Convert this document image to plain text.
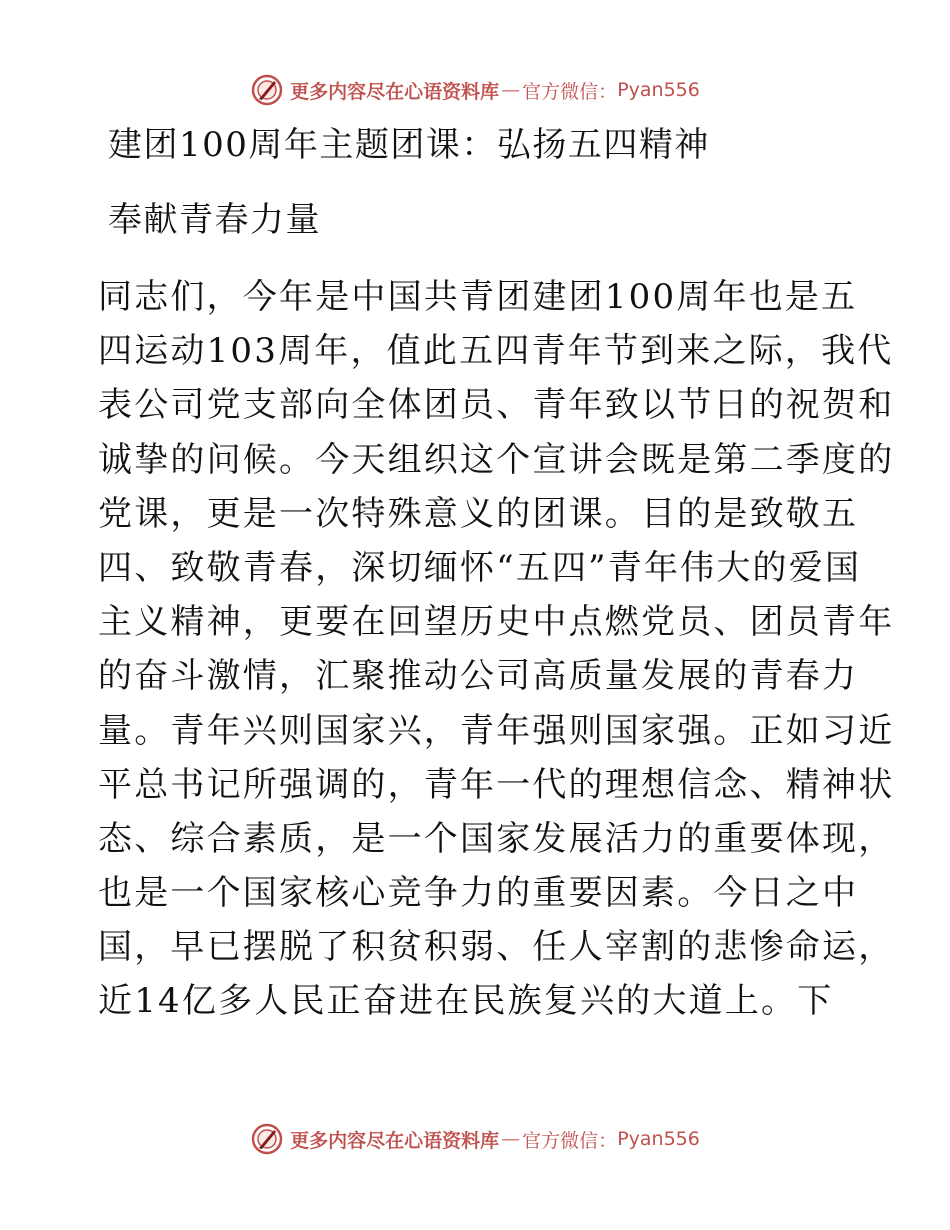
更多内容尽在心语资料库 — 官方微信： Pyan556
建团100周年主题团课：弘扬五四精神
奉献青春力量
同志们，今年是中国共青团建团100周年也是五
四运动103周年，值此五四青年节到来之际，我代
表公司党支部向全体团员、青年致以节日的祝贺和
诚挚的问候。今天组织这个宣讲会既是第二季度的
党课，更是一次特殊意义的团课。目的是致敬五
四、致敬青春，深切缅怀“五四”青年伟大的爱国
主义精神，更要在回望历史中点燃党员、团员青年
的奋斗激情，汇聚推动公司高质量发展的青春力
量。青年兴则国家兴，青年强则国家强。正如习近
平总书记所强调的，青年一代的理想信念、精神状
态、综合素质，是一个国家发展活力的重要体现，
也是一个国家核心竞争力的重要因素。今日之中
国，早已摆脱了积贫积弱、任人宰割的悲惨命运，
近14亿多人民正奋进在民族复兴的大道上。下
更多内容尽在心语资料库 — 官方微信： Pyan556
